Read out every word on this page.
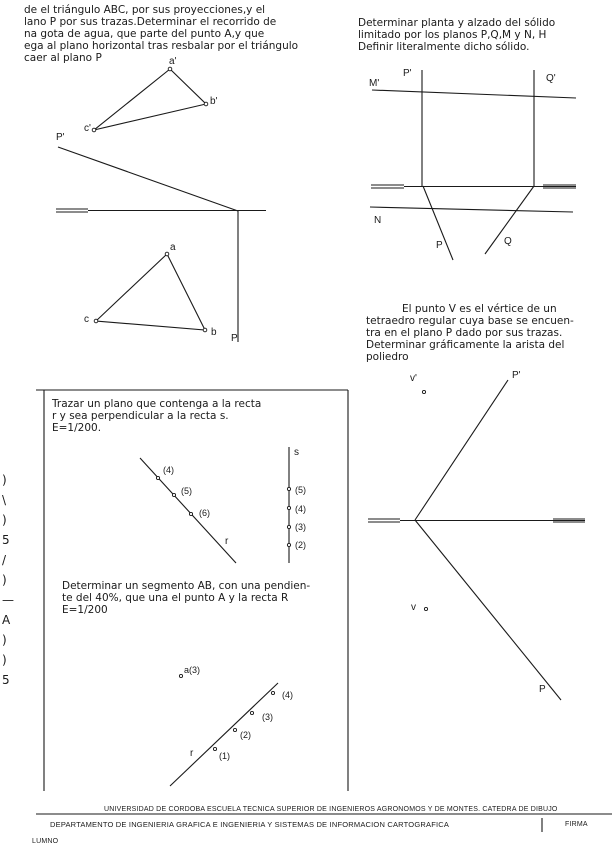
de el triángulo ABC, por sus proyecciones,y el
lano P por sus trazas.Determinar el recorrido de
na gota de agua, que parte del punto A,y que
ega al plano horizontal tras resbalar por el triángulo
caer al plano P	a'
b'
c'
P'
a
b
c
P

Determinar planta y alzado del sólido
limitado por los planos P,Q,M y N, H
Definir literalmente dicho sólido.

P'	Q'
M'
N
P	Q

El punto V es el vértice de un
tetraedro regular cuya base se encuen-
tra en el plano P dado por sus trazas.
Determinar gráficamente la arista del
poliedro

v'	P'
v
P

)
\
)
5
/
)
—
A
)
)
5

Trazar un plano que contenga a la recta
r y sea perpendicular a la recta s.
E=1/200.

(4)
(5)
(6)
r
s
(5)
(4)
(3)
(2)

Determinar un segmento AB, con una pendien-
te del 40%, que una el punto A y la recta R
E=1/200

a(3)
(4)
(3)
(2)
(1)
r
UNIVERSIDAD DE CORDOBA ESCUELA TECNICA SUPERIOR DE INGENIEROS AGRONOMOS Y DE MONTES. CATEDRA DE DIBUJO
DEPARTAMENTO DE INGENIERIA GRAFICA E INGENIERIA Y SISTEMAS DE INFORMACION CARTOGRAFICA	FIRMA
LUMNO
